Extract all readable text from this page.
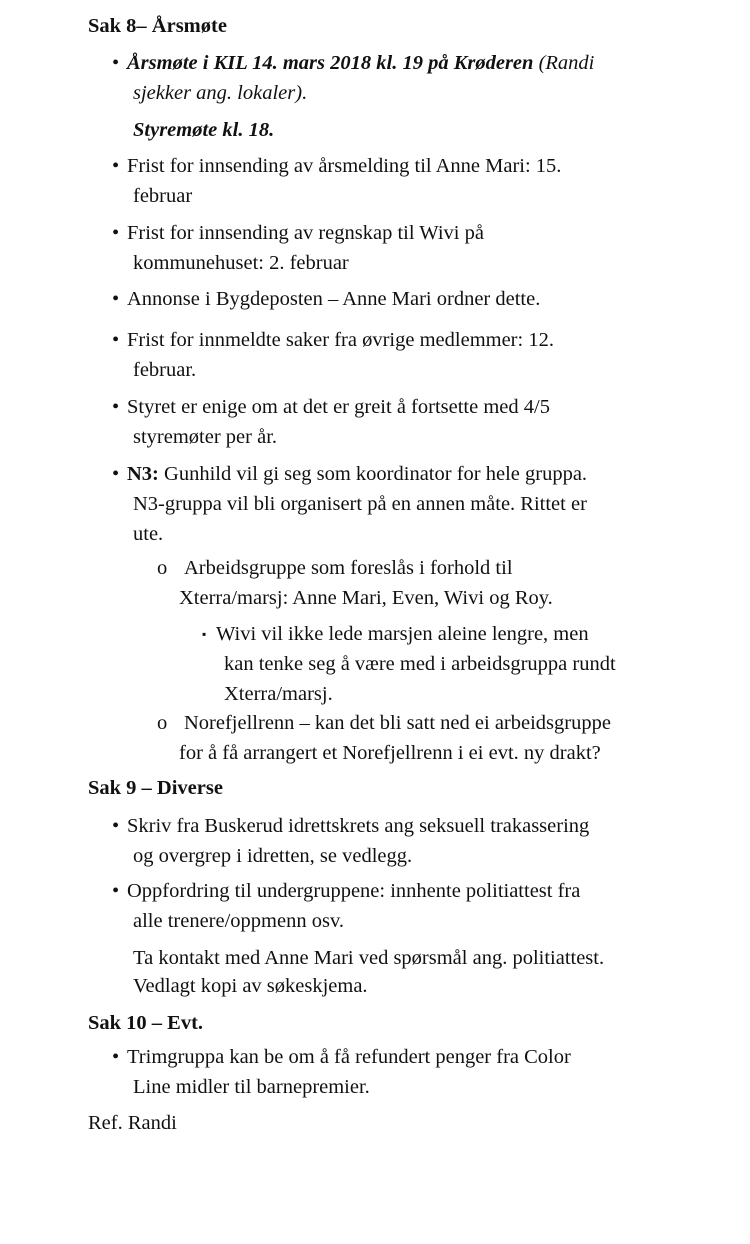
Sak 8– Årsmøte
• Årsmøte i KIL 14. mars 2018 kl. 19 på Krøderen (Randi
sjekker ang. lokaler).
Styremøte kl. 18.
• Frist for innsending av årsmelding til Anne Mari: 15.
februar
• Frist for innsending av regnskap til Wivi på
kommunehuset: 2. februar
• Annonse i Bygdeposten – Anne Mari ordner dette.
• Frist for innmeldte saker fra øvrige medlemmer: 12.
februar.
• Styret er enige om at det er greit å fortsette med 4/5
styremøter per år.
• N3: Gunhild vil gi seg som koordinator for hele gruppa.
N3-gruppa vil bli organisert på en annen måte. Rittet er
ute.
o Arbeidsgruppe som foreslås i forhold til
Xterra/marsj: Anne Mari, Even, Wivi og Roy.
▪ Wivi vil ikke lede marsjen aleine lengre, men
kan tenke seg å være med i arbeidsgruppa rundt
Xterra/marsj.
o Norefjellrenn – kan det bli satt ned ei arbeidsgruppe
for å få arrangert et Norefjellrenn i ei evt. ny drakt?
Sak 9 – Diverse
• Skriv fra Buskerud idrettskrets ang seksuell trakassering
og overgrep i idretten, se vedlegg.
• Oppfordring til undergruppene: innhente politiattest fra
alle trenere/oppmenn osv.
Ta kontakt med Anne Mari ved spørsmål ang. politiattest.
Vedlagt kopi av søkeskjema.
Sak 10 – Evt.
• Trimgruppa kan be om å få refundert penger fra Color
Line midler til barnepremier.
Ref. Randi
